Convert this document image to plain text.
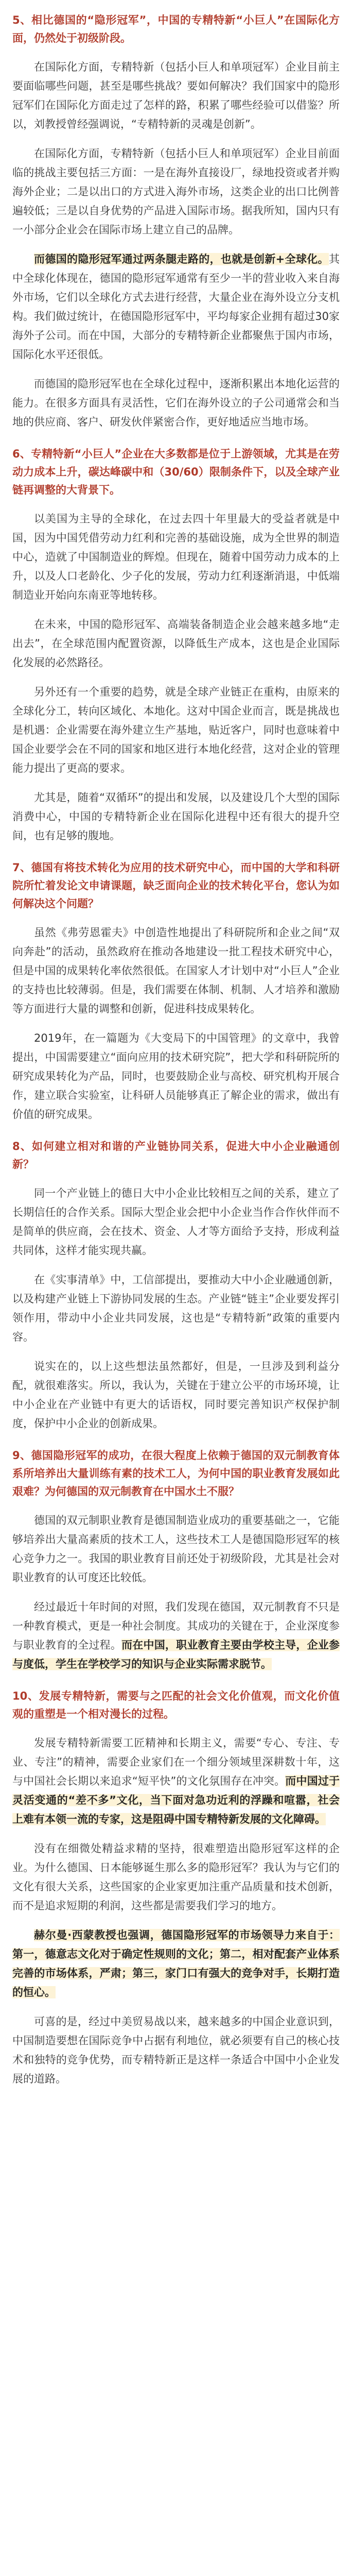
5、相比德国的“隐形冠军”，中国的专精特新“小巨人”在国际化方面，仍然处于初级阶段。
在国际化方面，专精特新（包括小巨人和单项冠军）企业目前主要面临哪些问题，甚至是哪些挑战？要如何解决？我们国家中的隐形冠军们在国际化方面走过了怎样的路，积累了哪些经验可以借鉴？所以，刘教授曾经强调说，“专精特新的灵魂是创新”。
在国际化方面，专精特新（包括小巨人和单项冠军）企业目前面临的挑战主要包括三方面：一是在海外直接设厂，绿地投资或者并购海外企业；二是以出口的方式进入海外市场，这类企业的出口比例普遍较低；三是以自身优势的产品进入国际市场。据我所知，国内只有一小部分企业会在国际市场上建立自己的品牌。
而德国的隐形冠军通过两条腿走路的，也就是创新+全球化。其中全球化体现在，德国的隐形冠军通常有至少一半的营业收入来自海外市场，它们以全球化方式去进行经营，大量企业在海外设立分支机构。我们做过统计，在德国隐形冠军中，平均每家企业拥有超过30家海外子公司。而在中国，大部分的专精特新企业都聚焦于国内市场，国际化水平还很低。
而德国的隐形冠军也在全球化过程中，逐渐积累出本地化运营的能力。在很多方面具有灵活性，它们在海外设立的子公司通常会和当地的供应商、客户、研发伙伴紧密合作，更好地适应当地市场。
6、专精特新“小巨人”企业在大多数都是位于上游领域，尤其是在劳动力成本上升，碳达峰碳中和（30/60）限制条件下，以及全球产业链再调整的大背景下。
以美国为主导的全球化，在过去四十年里最大的受益者就是中国，因为中国凭借劳动力红利和完善的基础设施，成为全世界的制造中心，造就了中国制造业的辉煌。但现在，随着中国劳动力成本的上升，以及人口老龄化、少子化的发展，劳动力红利逐渐消退，中低端制造业开始向东南亚等地转移。
在未来，中国的隐形冠军、高端装备制造企业会越来越多地“走出去”，在全球范围内配置资源，以降低生产成本，这也是企业国际化发展的必然路径。
另外还有一个重要的趋势，就是全球产业链正在重构，由原来的全球化分工，转向区域化、本地化。这对中国企业而言，既是挑战也是机遇：企业需要在海外建立生产基地，贴近客户，同时也意味着中国企业要学会在不同的国家和地区进行本地化经营，这对企业的管理能力提出了更高的要求。
尤其是，随着“双循环”的提出和发展，以及建设几个大型的国际消费中心，中国的专精特新企业在国际化进程中还有很大的提升空间，也有足够的腹地。
7、德国有将技术转化为应用的技术研究中心，而中国的大学和科研院所忙着发论文申请课题，缺乏面向企业的技术转化平台，您认为如何解决这个问题？
虽然《弗劳恩霍夫》中创造性地提出了科研院所和企业之间“双向奔赴”的活动，虽然政府在推动各地建设一批工程技术研究中心，但是中国的成果转化率依然很低。在国家人才计划中对“小巨人”企业的支持也比较薄弱。但是，我们需要在体制、机制、人才培养和激励等方面进行大量的调整和创新，促进科技成果转化。
2019年，在一篇题为《大变局下的中国管理》的文章中，我曾提出，中国需要建立“面向应用的技术研究院”，把大学和科研院所的研究成果转化为产品，同时，也要鼓励企业与高校、研究机构开展合作，建立联合实验室，让科研人员能够真正了解企业的需求，做出有价值的研究成果。
8、如何建立相对和谐的产业链协同关系，促进大中小企业融通创新？
同一个产业链上的德日大中小企业比较相互之间的关系，建立了长期信任的合作关系。国际大型企业会把中小企业当作合作伙伴而不是简单的供应商，会在技术、资金、人才等方面给予支持，形成利益共同体，这样才能实现共赢。
在《实事清单》中，工信部提出，要推动大中小企业融通创新，以及构建产业链上下游协同发展的生态。产业链“链主”企业要发挥引领作用，带动中小企业共同发展，这也是“专精特新”政策的重要内容。
说实在的，以上这些想法虽然都好，但是，一旦涉及到利益分配，就很难落实。所以，我认为，关键在于建立公平的市场环境，让中小企业在产业链中有更大的话语权，同时要完善知识产权保护制度，保护中小企业的创新成果。
9、德国隐形冠军的成功，在很大程度上依赖于德国的双元制教育体系所培养出大量训练有素的技术工人，为何中国的职业教育发展如此艰难？为何德国的双元制教育在中国水土不服？
德国的双元制职业教育是德国制造业成功的重要基础之一，它能够培养出大量高素质的技术工人，这些技术工人是德国隐形冠军的核心竞争力之一。我国的职业教育目前还处于初级阶段，尤其是社会对职业教育的认可度还比较低。
经过最近十年时间的对照，我们发现在德国，双元制教育不只是一种教育模式，更是一种社会制度。其成功的关键在于，企业深度参与职业教育的全过程。而在中国，职业教育主要由学校主导，企业参与度低，学生在学校学习的知识与企业实际需求脱节。
10、发展专精特新，需要与之匹配的社会文化价值观，而文化价值观的重塑是一个相对漫长的过程。
发展专精特新需要工匠精神和长期主义，需要“专心、专注、专业、专注”的精神，需要企业家们在一个细分领域里深耕数十年，这与中国社会长期以来追求“短平快”的文化氛围存在冲突。而中国过于灵活变通的“差不多”文化，当下面对急功近利的浮躁和喧嚣，社会上难有本领一流的专家，这是阻碍中国专精特新发展的文化障碍。
没有在细微处精益求精的坚持，很难塑造出隐形冠军这样的企业。为什么德国、日本能够诞生那么多的隐形冠军？我认为与它们的文化有很大关系，这些国家的企业家更加注重产品质量和技术创新，而不是追求短期的利润，这些都是需要我们学习的地方。
赫尔曼·西蒙教授也强调，德国隐形冠军的市场领导力来自于：第一，德意志文化对于确定性规则的文化；第二，相对配套产业体系完善的市场体系，严肃；第三，家门口有强大的竞争对手，长期打造的恒心。
可喜的是，经过中美贸易战以来，越来越多的中国企业意识到，中国制造要想在国际竞争中占据有利地位，就必须要有自己的核心技术和独特的竞争优势，而专精特新正是这样一条适合中国中小企业发展的道路。
